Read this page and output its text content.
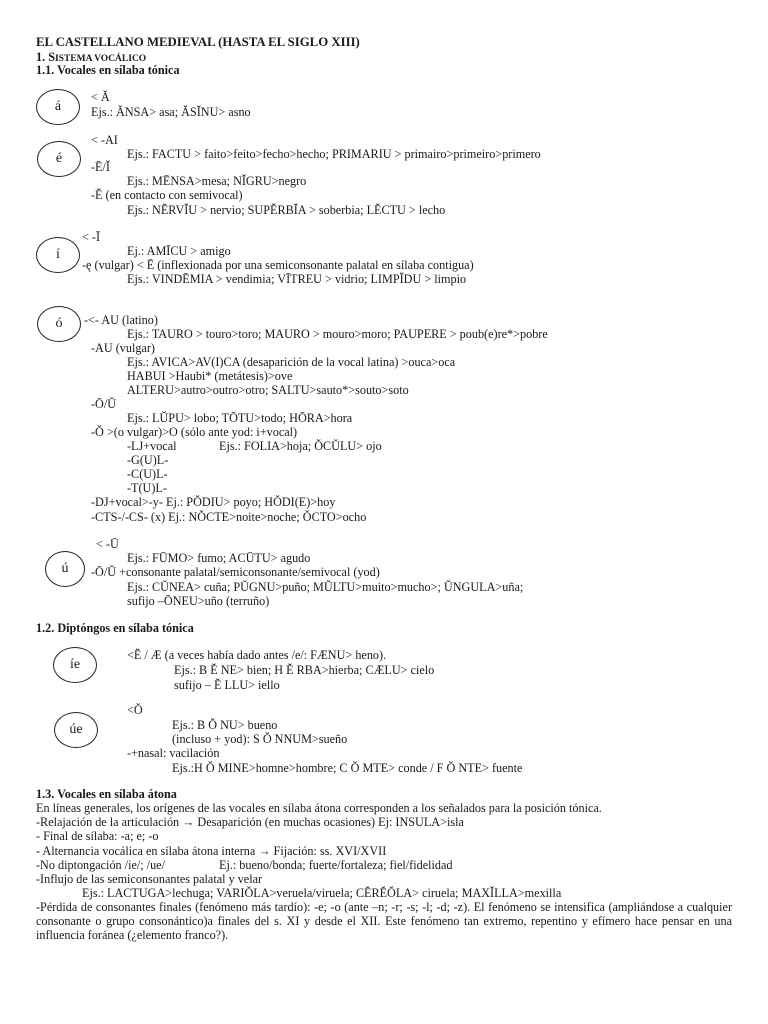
EL CASTELLANO MEDIEVAL (HASTA EL SIGLO XIII)
1. SISTEMA VOCÁLICO
1.1. Vocales en sílaba tónica
á
< Ă
Ejs.: ĂNSA> asa; ĂSĬNU> asno
é
< -AI
Ejs.: FACTU > faito>feito>fecho>hecho; PRIMARIU > primairo>primeiro>primero
-Ē/Ĭ
Ejs.: MĒNSA>mesa; NĬGRU>negro
-Ĕ (en contacto con semivocal)
Ejs.: NĔRVĬU > nervio; SUPĔRBĬA > soberbia; LĔCTU > lecho
í
< -Ī
Ej.: AMĪCU > amigo
-ę (vulgar) < Ē (inflexionada por una semiconsonante palatal en sílaba contigua)
Ejs.: VINDĒMIA > vendimia; VĪTREU > vidrio; LIMPĬDU > limpio
ó	-<- AU (latino)
Ejs.: TAURO > touro>toro; MAURO > mouro>moro; PAUPERE > poub(e)re*>pobre
-AU (vulgar)
Ejs.: AVICA>AV(I)CA (desaparición de la vocal latina) >ouca>oca
HABUI >Haubi* (metátesis)>ove
ALTERU>autro>outro>otro; SALTU>sauto*>souto>soto
-Ō/Ŭ
Ejs.: LŬPU> lobo; TŌTU>todo; HŌRA>hora
-Ŏ >(o vulgar)>O (sólo ante yod: i+vocal)
-LJ+vocal	Ejs.: FOLIA>hoja; ŎCŬLU> ojo
-G(U)L-
-C(U)L-
-T(U)L-
-DJ+vocal>-y- Ej.: PŎDIU> poyo; HŎDI(E)>hoy
-CTS-/-CS- (x) Ej.: NŎCTE>noite>noche; ŎCTO>ocho
ú
< -Ū
Ejs.: FŪMO> fumo; ACŪTU> agudo
-Ō/Ŭ +consonante palatal/semiconsonante/semivocal (yod)
Ejs.: CŬNEA> cuña; PŬGNU>puño; MŬLTU>muito>mucho>; ŬNGULA>uña;
sufijo –ŌNEU>uño (terruño)
1.2. Diptóngos en sílaba tónica
íe
<Ĕ / Æ (a veces había dado antes /e/: FÆNU> heno).
Ejs.: B Ĕ NE> bien; H Ĕ RBA>hierba; CÆLU> cielo
sufijo – Ĕ LLU> iello
úe
<Ŏ
Ejs.: B Ŏ NU> bueno
(incluso + yod): S Ŏ NNUM>sueño
-+nasal: vacilación
Ejs.:H Ŏ MINE>homne>hombre; C Ŏ MTE> conde / F Ŏ NTE> fuente
1.3. Vocales en sílaba átona
En líneas generales, los orígenes de las vocales en sílaba átona corresponden a los señalados para la posición tónica.
-Relajación de la articulación → Desaparición (en muchas ocasiones) Ej: INSULA>isla
- Final de sílaba: -a; e; -o
- Alternancia vocálica en sílaba átona interna → Fijación: ss. XVI/XVII
-No diptongación /ie/; /ue/	Ej.: bueno/bonda; fuerte/fortaleza; fiel/fidelidad
-Influjo de las semiconsonantes palatal y velar
Ejs.: LACTUGA>lechuga; VARIŎLA>veruela/viruela; CĔRĔŎLA> ciruela; MAXĬLLA>mexilla
-Pérdida de consonantes finales (fenómeno más tardío): -e; -o (ante –n; -r; -s; -l; -d; -z). El fenómeno se intensifica (ampliándose a cualquier consonante o grupo consonántico)a finales del s. XI y desde el XII. Este fenómeno tan extremo, repentino y efímero hace pensar en una influencia foránea (¿elemento franco?).
